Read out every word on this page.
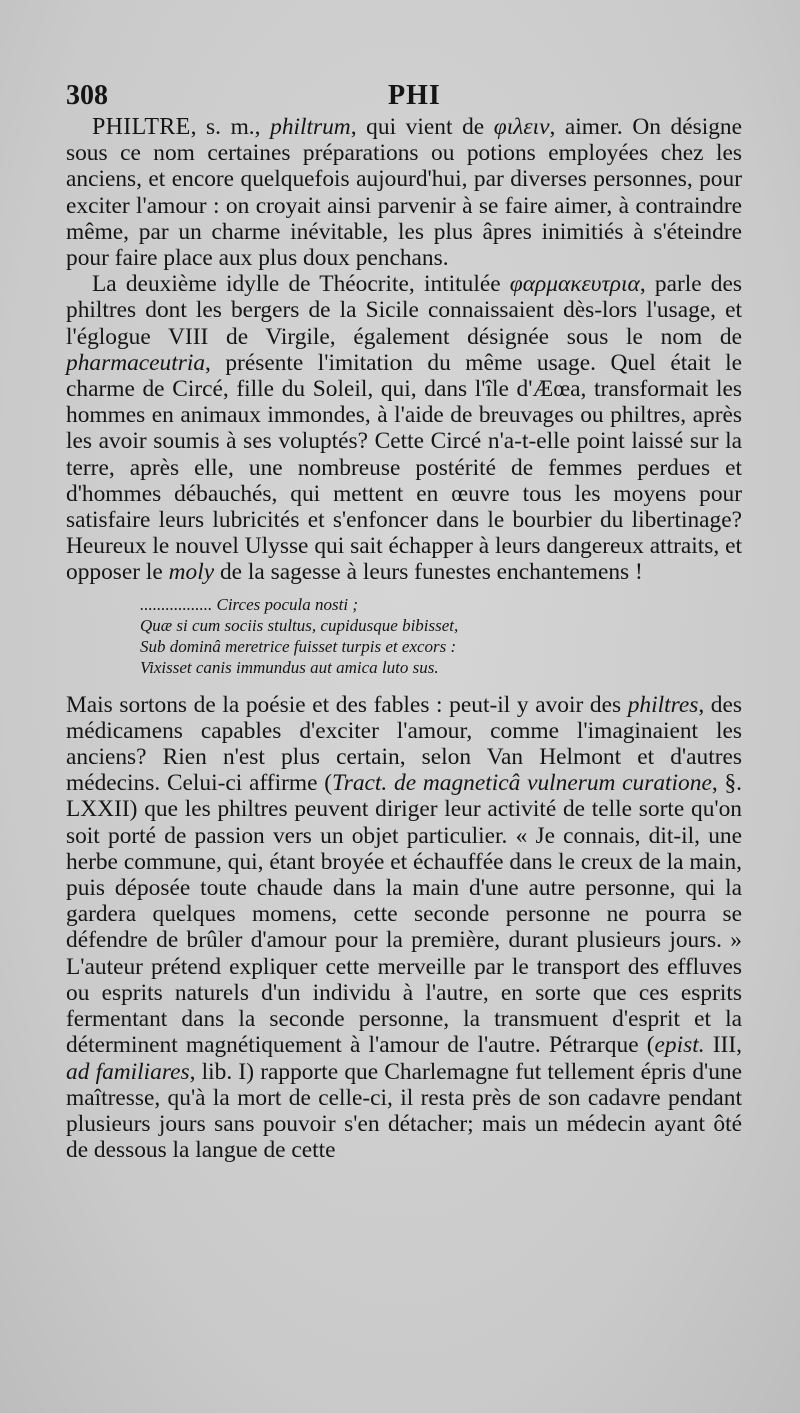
308	PHI

PHILTRE, s. m., philtrum, qui vient de φιλειν, aimer. On désigne sous ce nom certaines préparations ou potions employées chez les anciens, et encore quelquefois aujourd'hui, par diverses personnes, pour exciter l'amour : on croyait ainsi parvenir à se faire aimer, à contraindre même, par un charme inévitable, les plus âpres inimitiés à s'éteindre pour faire place aux plus doux penchans.

La deuxième idylle de Théocrite, intitulée φαρμακευτρια, parle des philtres dont les bergers de la Sicile connaissaient dès-lors l'usage, et l'églogue VIII de Virgile, également désignée sous le nom de pharmaceutria, présente l'imitation du même usage. Quel était le charme de Circé, fille du Soleil, qui, dans l'île d'Æœa, transformait les hommes en animaux immondes, à l'aide de breuvages ou philtres, après les avoir soumis à ses voluptés? Cette Circé n'a-t-elle point laissé sur la terre, après elle, une nombreuse postérité de femmes perdues et d'hommes débauchés, qui mettent en œuvre tous les moyens pour satisfaire leurs lubricités et s'enfoncer dans le bourbier du libertinage? Heureux le nouvel Ulysse qui sait échapper à leurs dangereux attraits, et opposer le moly de la sagesse à leurs funestes enchantemens !

................. Circes pocula nosti ;
Quæ si cum sociis stultus, cupidusque bibisset,
Sub dominâ meretrice fuisset turpis et excors :
Vixisset canis immundus aut amica luto sus.

Mais sortons de la poésie et des fables : peut-il y avoir des philtres, des médicamens capables d'exciter l'amour, comme l'imaginaient les anciens? Rien n'est plus certain, selon Van Helmont et d'autres médecins. Celui-ci affirme (Tract. de magneticâ vulnerum curatione, §. LXXII) que les philtres peuvent diriger leur activité de telle sorte qu'on soit porté de passion vers un objet particulier. « Je connais, dit-il, une herbe commune, qui, étant broyée et échauffée dans le creux de la main, puis déposée toute chaude dans la main d'une autre personne, qui la gardera quelques momens, cette seconde personne ne pourra se défendre de brûler d'amour pour la première, durant plusieurs jours. » L'auteur prétend expliquer cette merveille par le transport des effluves ou esprits naturels d'un individu à l'autre, en sorte que ces esprits fermentant dans la seconde personne, la transmuent d'esprit et la déterminent magnétiquement à l'amour de l'autre. Pétrarque (epist. III, ad familiares, lib. I) rapporte que Charlemagne fut tellement épris d'une maîtresse, qu'à la mort de celle-ci, il resta près de son cadavre pendant plusieurs jours sans pouvoir s'en détacher; mais un médecin ayant ôté de dessous la langue de cette
